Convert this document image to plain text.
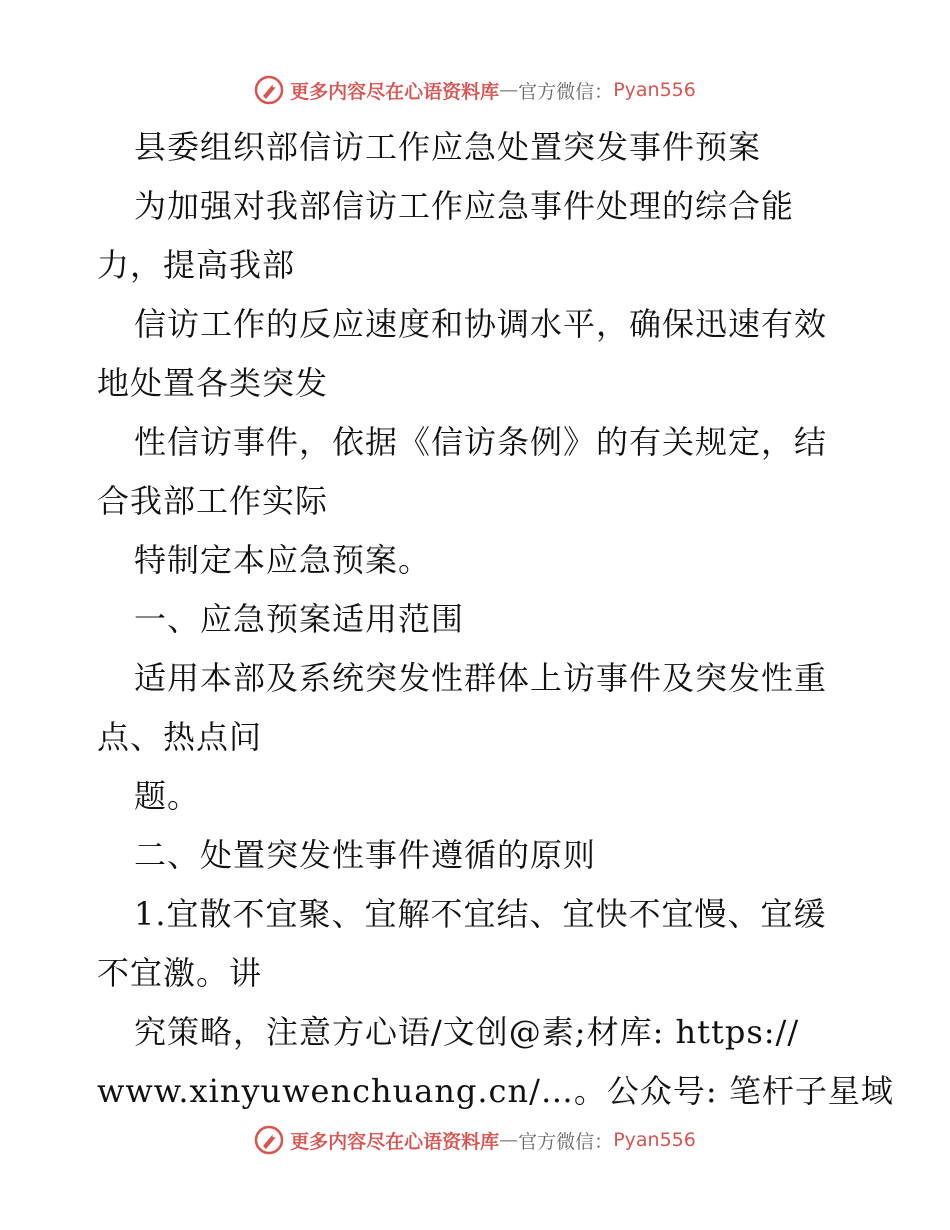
更多内容尽在心语资料库 — 官方微信： Pyan556
县委组织部信访工作应急处置突发事件预案
为加强对我部信访工作应急事件处理的综合能
力，提高我部
信访工作的反应速度和协调水平，确保迅速有效
地处置各类突发
性信访事件，依据《信访条例》的有关规定，结
合我部工作实际
特制定本应急预案。
一、应急预案适用范围
适用本部及系统突发性群体上访事件及突发性重
点、热点问
题。
二、处置突发性事件遵循的原则
1.宜散不宜聚、宜解不宜结、宜快不宜慢、宜缓
不宜激。讲
究策略，注意方心语/文创@素;材库: https://
www.xinyuwenchuang.cn/…。公众号: 笔杆子星域
更多内容尽在心语资料库 — 官方微信： Pyan556
